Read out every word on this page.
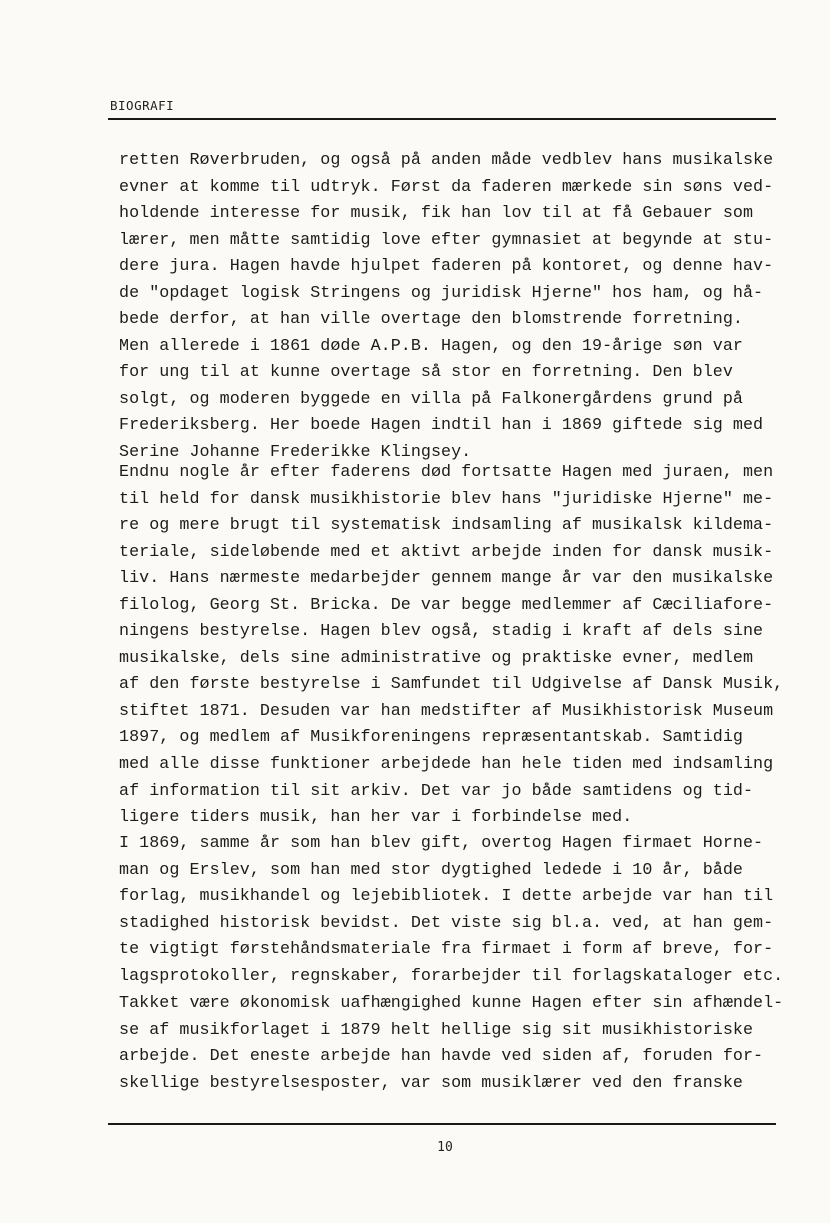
BIOGRAFI
retten Røverbruden, og også på anden måde vedblev hans musikalske
evner at komme til udtryk. Først da faderen mærkede sin søns ved-
holdende interesse for musik, fik han lov til at få Gebauer som
lærer, men måtte samtidig love efter gymnasiet at begynde at stu-
dere jura. Hagen havde hjulpet faderen på kontoret, og denne hav-
de "opdaget logisk Stringens og juridisk Hjerne" hos ham, og hå-
bede derfor, at han ville overtage den blomstrende forretning.
Men allerede i 1861 døde A.P.B. Hagen, og den 19-årige søn var
for ung til at kunne overtage så stor en forretning. Den blev
solgt, og moderen byggede en villa på Falkonergårdens grund på
Frederiksberg. Her boede Hagen indtil han i 1869 giftede sig med
Serine Johanne Frederikke Klingsey.
Endnu nogle år efter faderens død fortsatte Hagen med juraen, men
til held for dansk musikhistorie blev hans "juridiske Hjerne" me-
re og mere brugt til systematisk indsamling af musikalsk kildema-
teriale, sideløbende med et aktivt arbejde inden for dansk musik-
liv. Hans nærmeste medarbejder gennem mange år var den musikalske
filolog, Georg St. Bricka. De var begge medlemmer af Cæciliafore-
ningens bestyrelse. Hagen blev også, stadig i kraft af dels sine
musikalske, dels sine administrative og praktiske evner, medlem
af den første bestyrelse i Samfundet til Udgivelse af Dansk Musik,
stiftet 1871. Desuden var han medstifter af Musikhistorisk Museum
1897, og medlem af Musikforeningens repræsentantskab. Samtidig
med alle disse funktioner arbejdede han hele tiden med indsamling
af information til sit arkiv. Det var jo både samtidens og tid-
ligere tiders musik, han her var i forbindelse med.
I 1869, samme år som han blev gift, overtog Hagen firmaet Horne-
man og Erslev, som han med stor dygtighed ledede i 10 år, både
forlag, musikhandel og lejebibliotek. I dette arbejde var han til
stadighed historisk bevidst. Det viste sig bl.a. ved, at han gem-
te vigtigt førstehåndsmateriale fra firmaet i form af breve, for-
lagsprotokoller, regnskaber, forarbejder til forlagskataloger etc.
Takket være økonomisk uafhængighed kunne Hagen efter sin afhændel-
se af musikforlaget i 1879 helt hellige sig sit musikhistoriske
arbejde. Det eneste arbejde han havde ved siden af, foruden for-
skellige bestyrelsesposter, var som musiklærer ved den franske
10
